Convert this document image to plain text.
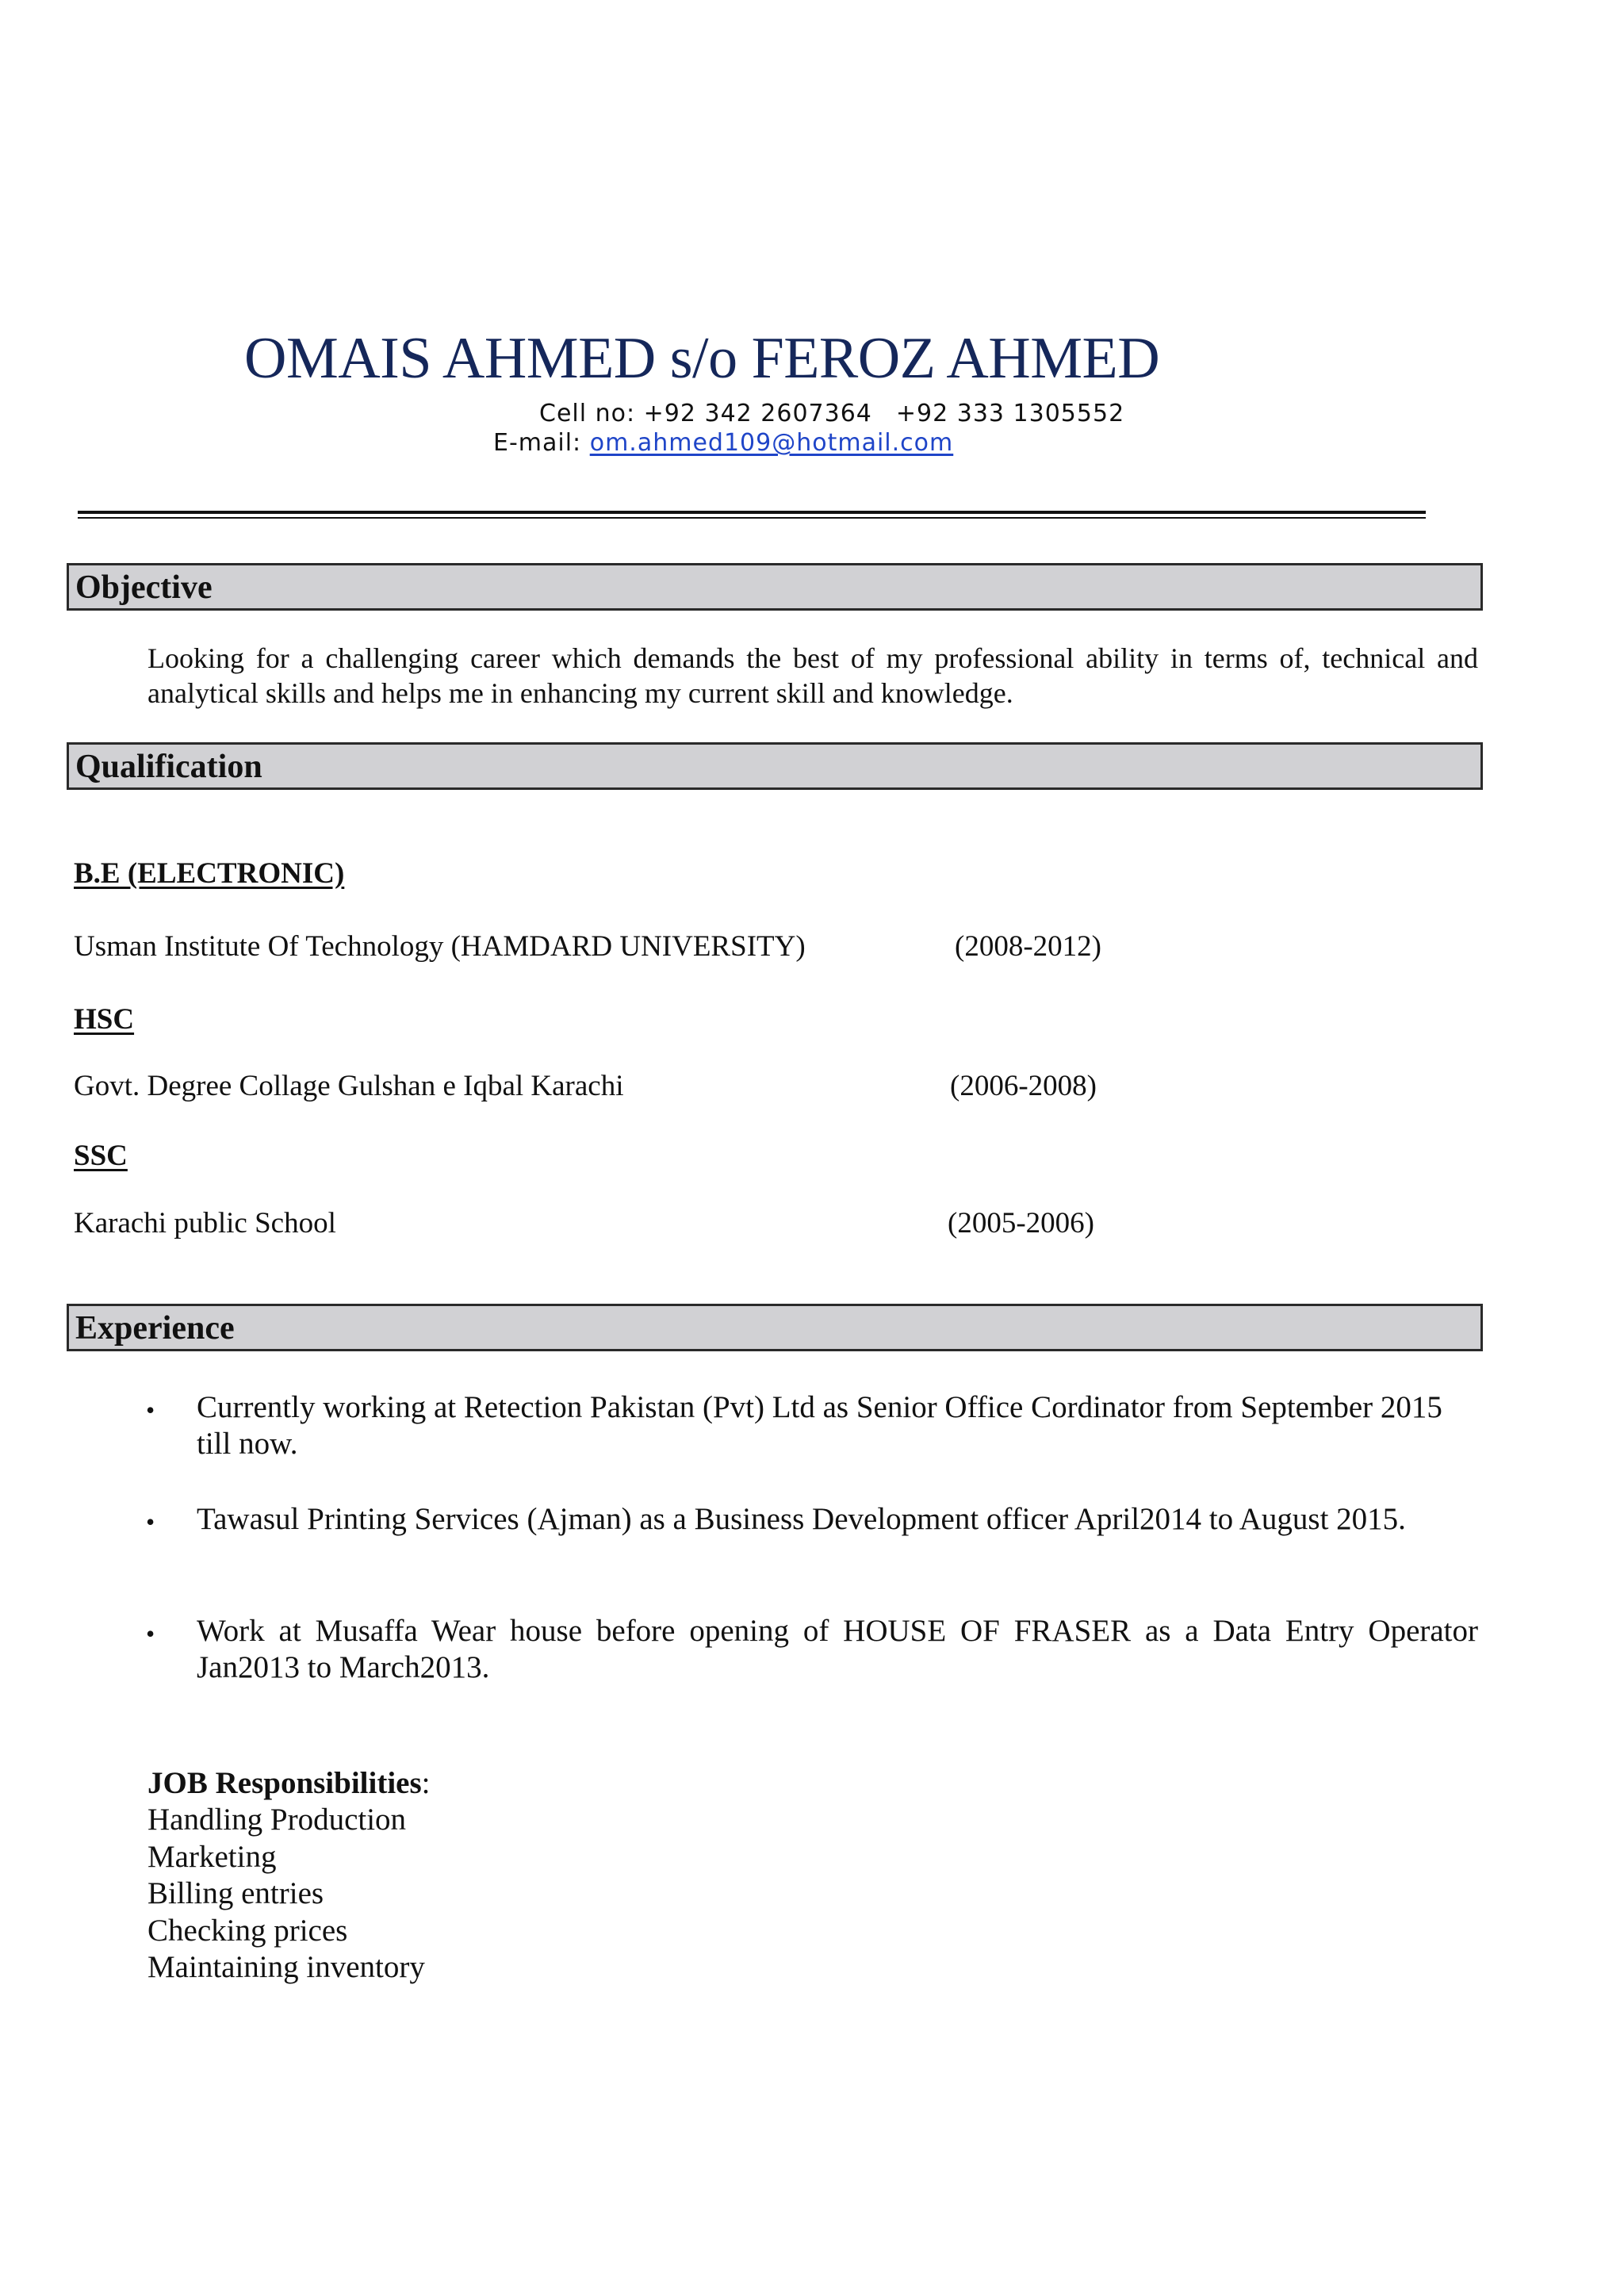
OMAIS AHMED s/o FEROZ AHMED
Cell no: +92 342 2607364 +92 333 1305552
E-mail: om.ahmed109@hotmail.com
Objective
Looking for a challenging career which demands the best of my professional ability in terms of, technical and analytical skills and helps me in enhancing my current skill and knowledge.
Qualification
B.E (ELECTRONIC)
Usman Institute Of Technology (HAMDARD UNIVERSITY)	(2008-2012)
HSC
Govt. Degree Collage Gulshan e Iqbal Karachi	(2006-2008)
SSC
Karachi public School	(2005-2006)
Experience
• Currently working at Retection Pakistan (Pvt) Ltd as Senior Office Cordinator from September 2015 till now.
• Tawasul Printing Services (Ajman) as a Business Development officer April2014 to August 2015.
• Work at Musaffa Wear house before opening of HOUSE OF FRASER as a Data Entry Operator Jan2013 to March2013.
JOB Responsibilities:
Handling Production
Marketing
Billing entries
Checking prices
Maintaining inventory
